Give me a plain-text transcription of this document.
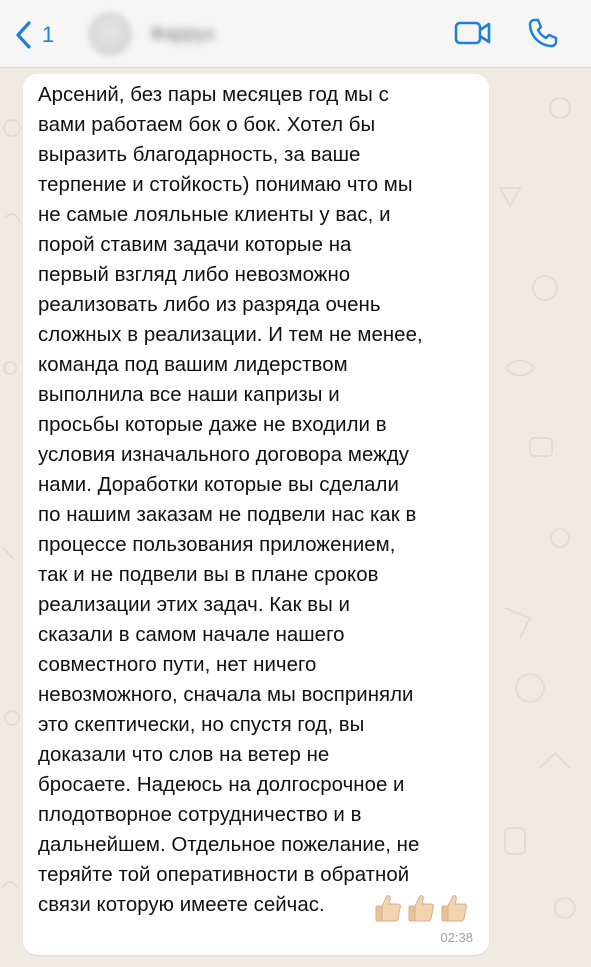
1	Фаррух

Арсений, без пары месяцев год мы с
вами работаем бок о бок. Хотел бы
выразить благодарность, за ваше
терпение и стойкость) понимаю что мы
не самые лояльные клиенты у вас, и
порой ставим задачи которые на
первый взгляд либо невозможно
реализовать либо из разряда очень
сложных в реализации. И тем не менее,
команда под вашим лидерством
выполнила все наши капризы и
просьбы которые даже не входили в
условия изначального договора между
нами. Доработки которые вы сделали
по нашим заказам не подвели нас как в
процессе пользования приложением,
так и не подвели вы в плане сроков
реализации этих задач. Как вы и
сказали в самом начале нашего
совместного пути, нет ничего
невозможного, сначала мы восприняли
это скептически, но спустя год, вы
доказали что слов на ветер не
бросаете. Надеюсь на долгосрочное и
плодотворное сотрудничество и в
дальнейшем. Отдельное пожелание, не
теряйте той оперативности в обратной
связи которую имеете сейчас.

02:38
